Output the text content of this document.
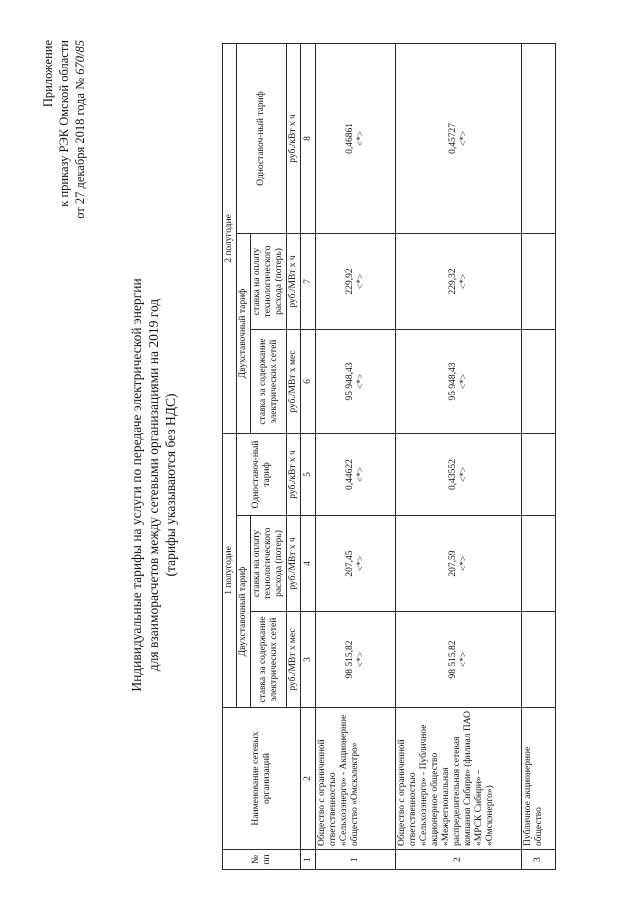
Приложение к приказу РЭК Омской области от 27 декабря 2018 года № 670/85
Индивидуальные тарифы на услуги по передаче электрической энергии для взаиморасчетов между сетевыми организациями на 2019 год (тарифы указываются без НДС)
№ пп	Наименование сетевых организаций	1 полугодие			2 полугодие		
		Двухставочный тариф		Одноставоч-ный тариф	Двухставочный тариф		Одноставоч-ный тариф
		ставка за содержание электрических сетей	ставка на оплату технологического расхода (потерь)		ставка за содержание электрических сетей	ставка на оплату технологического расхода (потерь)	
		руб./МВт х мес	руб./МВт х ч	руб./кВт х ч	руб./МВт х мес	руб./МВт х ч	руб./кВт х ч
1	2	3	4	5	6	7	8
1	Общество с ограниченной ответственностью «Сельхозэнерго» - Акционерное общество «Омскэлектро»	98 515,82 <*>	207,45 <*>	0,44622 <*>	95 948,43 <*>	229,92 <*>	0,46861 <*>

2	Общество с ограниченной ответственностью «Сельхозэнерго» - Публичное акционерное общество «Межрегиональная распределительная сетевая компания Сибири» (филиал ПАО «МРСК Сибири» – «Омскэнерго»)	98 515,82 <*>	207,59 <*>	0,43552 <*>	95 948,43 <*>	229,32 <*>	0,45727 <*>

3	Публичное акционерное общество						
